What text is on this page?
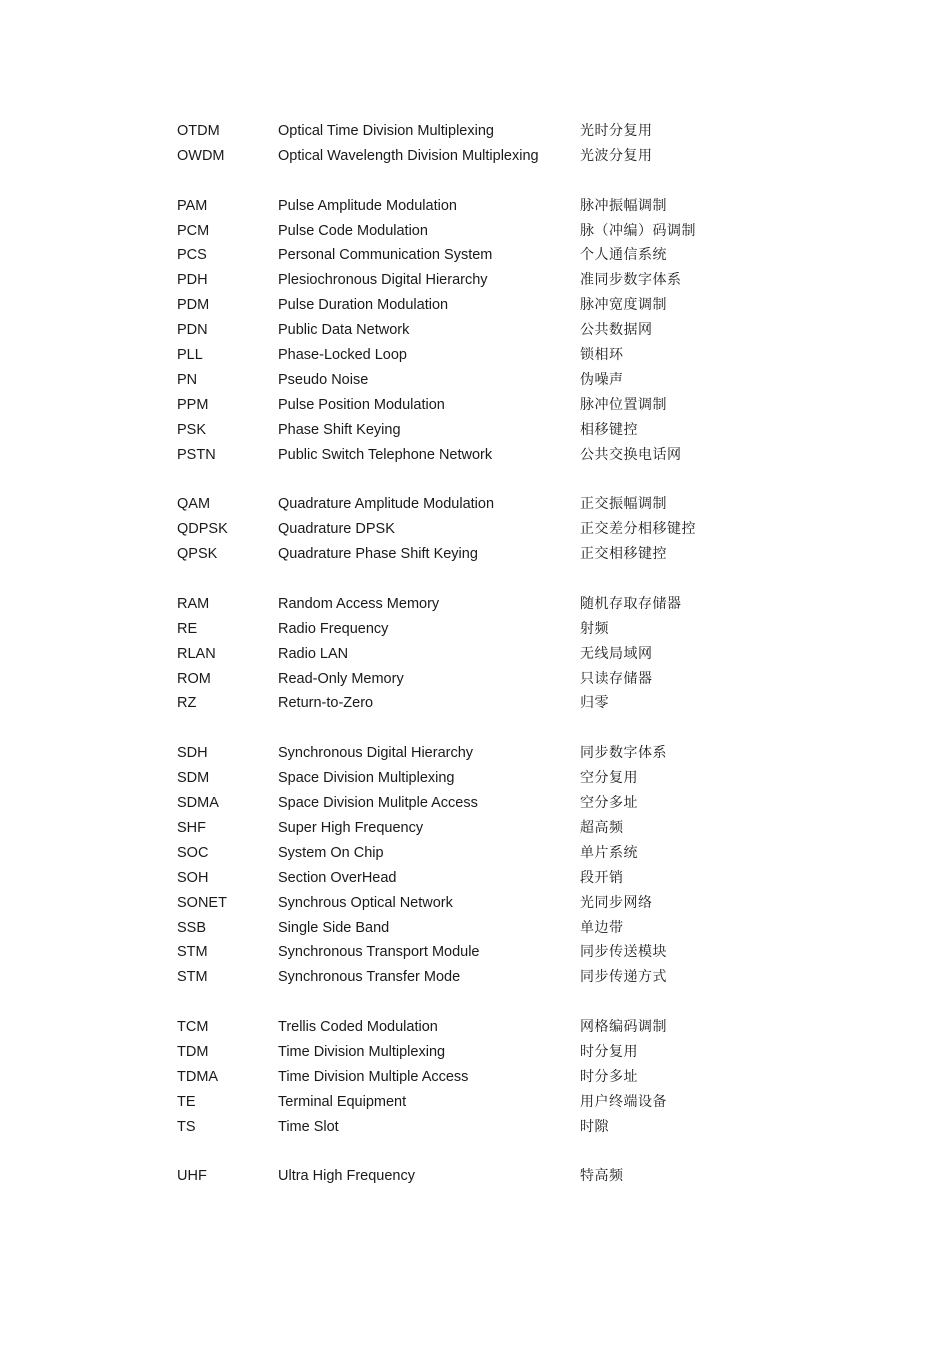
OTDM	Optical Time Division Multiplexing	光时分复用
OWDM	Optical Wavelength Division Multiplexing	光波分复用
PAM	Pulse Amplitude Modulation	脉冲振幅调制
PCM	Pulse Code Modulation	脉（冲编）码调制
PCS	Personal Communication System	个人通信系统
PDH	Plesiochronous Digital Hierarchy	准同步数字体系
PDM	Pulse Duration Modulation	脉冲宽度调制
PDN	Public Data Network	公共数据网
PLL	Phase-Locked Loop	锁相环
PN	Pseudo Noise	伪噪声
PPM	Pulse Position Modulation	脉冲位置调制
PSK	Phase Shift Keying	相移键控
PSTN	Public Switch Telephone Network	公共交换电话网
QAM	Quadrature Amplitude Modulation	正交振幅调制
QDPSK	Quadrature DPSK	正交差分相移键控
QPSK	Quadrature Phase Shift Keying	正交相移键控
RAM	Random Access Memory	随机存取存储器
RE	Radio Frequency	射频
RLAN	Radio LAN	无线局域网
ROM	Read-Only Memory	只读存储器
RZ	Return-to-Zero	归零
SDH	Synchronous Digital Hierarchy	同步数字体系
SDM	Space Division Multiplexing	空分复用
SDMA	Space Division Mulitple Access	空分多址
SHF	Super High Frequency	超高频
SOC	System On Chip	单片系统
SOH	Section OverHead	段开销
SONET	Synchrous Optical Network	光同步网络
SSB	Single Side Band	单边带
STM	Synchronous Transport Module	同步传送模块
STM	Synchronous Transfer Mode	同步传递方式
TCM	Trellis Coded Modulation	网格编码调制
TDM	Time Division Multiplexing	时分复用
TDMA	Time Division Multiple Access	时分多址
TE	Terminal Equipment	用户终端设备
TS	Time Slot	时隙
UHF	Ultra High Frequency	特高频
